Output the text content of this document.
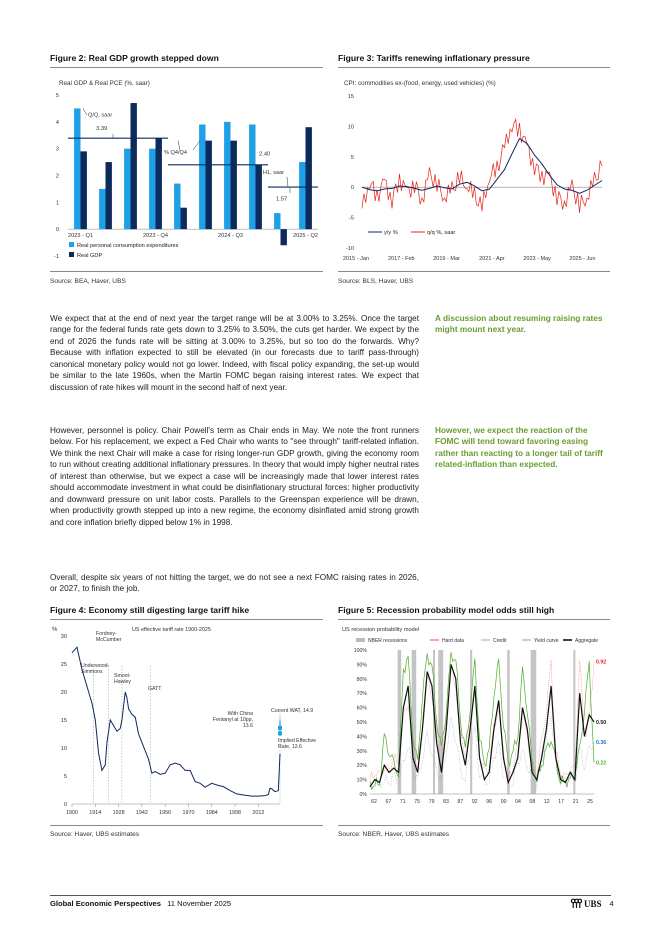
Figure 2: Real GDP growth stepped down
Real GDP & Real PCE (%, saar)
5
4
3
2
1
0
-1
2023 - Q1	2023 - Q4	2024 - Q3	2025 - Q2
Q/Q, saar
3.39
% Q4/Q4	2.40
H1, saar
1.57
Real personal consumption expenditures
Real GDP
Source: BEA, Haver, UBS
Figure 3: Tariffs renewing inflationary pressure
CPI: commodities ex-(food, energy, used vehicles) (%)
15
10
5
0
-5
-10
2015 - Jan	2017 - Feb	2019 - Mar	2021 - Apr	2023 - May	2025 - Jun
y/y %	q/q %, saar
Source: BLS, Haver, UBS
We expect that at the end of next year the target range will be at 3.00% to 3.25%. Once the target range for the federal funds rate gets down to 3.25% to 3.50%, the cuts get harder. We expect by the end of 2026 the funds rate will be sitting at 3.00% to 3.25%, but so too do the forwards. Why? Because with inflation expected to still be elevated (in our forecasts due to tariff pass-through) canonical monetary policy would not go lower. Indeed, with fiscal policy expanding, the set-up would be similar to the late 1960s, when the Martin FOMC began raising interest rates. We expect that discussion of rate hikes will mount in the second half of next year.
However, personnel is policy. Chair Powell's term as Chair ends in May. We note the front runners below. For his replacement, we expect a Fed Chair who wants to "see through" tariff-related inflation. We think the next Chair will make a case for rising longer-run GDP growth, giving the economy room to run without creating additional inflationary pressures. In theory that would imply higher neutral rates of interest than otherwise, but we expect a case will be increasingly made that lower interest rates should accommodate investment in what could be disinflationary structural forces: higher productivity and downward pressure on unit labor costs. Parallels to the Greenspan experience will be drawn, when productivity growth stepped up into a new regime, the economy disinflated amid strong growth and core inflation briefly dipped below 1% in 1998.
Overall, despite six years of not hitting the target, we do not see a next FOMC raising rates in 2026, or 2027, to finish the job.
A discussion about resuming raising rates might mount next year.
However, we expect the reaction of the FOMC will tend toward favoring easing rather than reacting to a longer tail of tariff related-inflation than expected.
Figure 4: Economy still digesting large tariff hike
%	US effective tariff rate 1900-2025
30
25
20
15
10
5
0
1900 1914 1928 1942 1956 1970 1984 1998 2012
Fordney-McCumber
Underwood-Simmons
Smoot-Hawley
GATT
With China Fentanyl at 10pp, 13.6
Current WAT, 14.9
Implied Effective Rate, 12.6
Source: Haver, UBS estimates
Figure 5: Recession probability model odds still high
US recession probability model
NBER recessions	Hard data	Credit	Yield curve	Aggregate
100%
90%
80%
70%
60%
50%
40%
30%
20%
10%
0%
62 67 71 75 79 83 87 92 96 00 04 08 12 17 21 25
0.92
0.50
0.36
0.22
Source: NBER, Haver, UBS estimates
Global Economic Perspectives 11 November 2025	UBS 4
